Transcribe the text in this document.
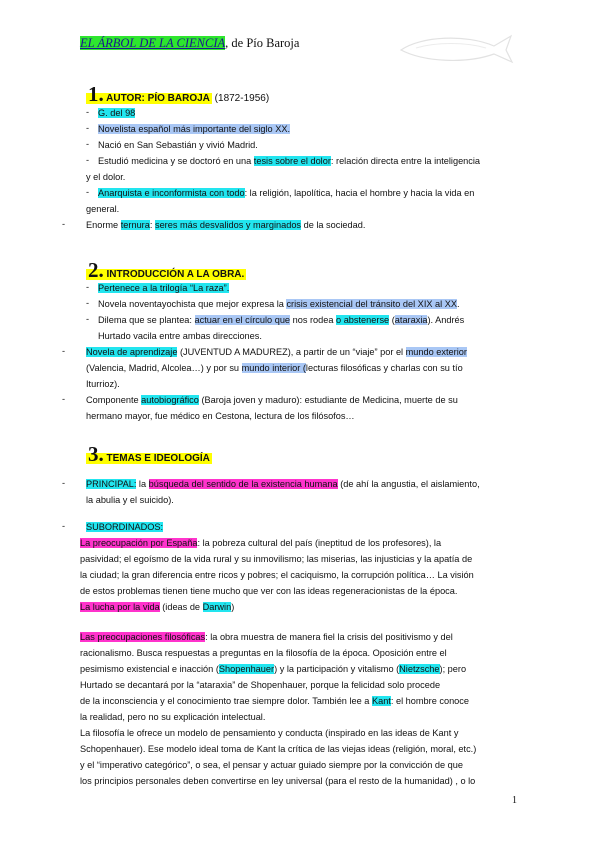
EL ÁRBOL DE LA CIENCIA, de Pío Baroja
1. AUTOR: PÍO BAROJA (1872-1956)
- G. del 98
- Novelista español más importante del siglo XX.
- Nació en San Sebastián y vivió Madrid.
- Estudió medicina y se doctoró en una tesis sobre el dolor: relación directa entre la inteligencia
y el dolor.
- Anarquista e inconformista con todo: la religión, lapolítica, hacia el hombre y hacia la vida en
general.
- Enorme ternura: seres más desvalidos y marginados de la sociedad.
2. INTRODUCCIÓN A LA OBRA.
- Pertenece a la trilogía “La raza”.
- Novela noventayochista que mejor expresa la crisis existencial del tránsito del XIX al XX.
- Dilema que se plantea: actuar en el círculo que nos rodea o abstenerse (ataraxia). Andrés
Hurtado vacila entre ambas direcciones.
- Novela de aprendizaje (JUVENTUD A MADUREZ), a partir de un “viaje” por el mundo exterior
(Valencia, Madrid, Alcolea…) y por su mundo interior (lecturas filosóficas y charlas con su tío
Iturrioz).
- Componente autobiográfico (Baroja joven y maduro): estudiante de Medicina, muerte de su
hermano mayor, fue médico en Cestona, lectura de los filósofos…
3. TEMAS E IDEOLOGÍA
- PRINCIPAL: la búsqueda del sentido de la existencia humana (de ahí la angustia, el aislamiento,
la abulia y el suicido).
- SUBORDINADOS:
La preocupación por España: la pobreza cultural del país (ineptitud de los profesores), la
pasividad; el egoísmo de la vida rural y su inmovilismo; las miserias, las injusticias y la apatía de
la ciudad; la gran diferencia entre ricos y pobres; el caciquismo, la corrupción política… La visión
de estos problemas tienen tiene mucho que ver con las ideas regeneracionistas de la época.
La lucha por la vida (ideas de Darwin)
Las preocupaciones filosóficas: la obra muestra de manera fiel la crisis del positivismo y del
racionalismo. Busca respuestas a preguntas en la filosofía de la época. Oposición entre el
pesimismo existencial e inacción (Shopenhauer) y la participación y vitalismo (Nietzsche); pero
Hurtado se decantará por la “ataraxia” de Shopenhauer, porque la felicidad solo procede
de la inconsciencia y el conocimiento trae siempre dolor. También lee a Kant: el hombre conoce
la realidad, pero no su explicación intelectual.
La filosofía le ofrece un modelo de pensamiento y conducta (inspirado en las ideas de Kant y
Schopenhauer). Ese modelo ideal toma de Kant la crítica de las viejas ideas (religión, moral, etc.)
y el “imperativo categórico”, o sea, el pensar y actuar guiado siempre por la convicción de que
los principios personales deben convertirse en ley universal (para el resto de la humanidad) , o lo
1
